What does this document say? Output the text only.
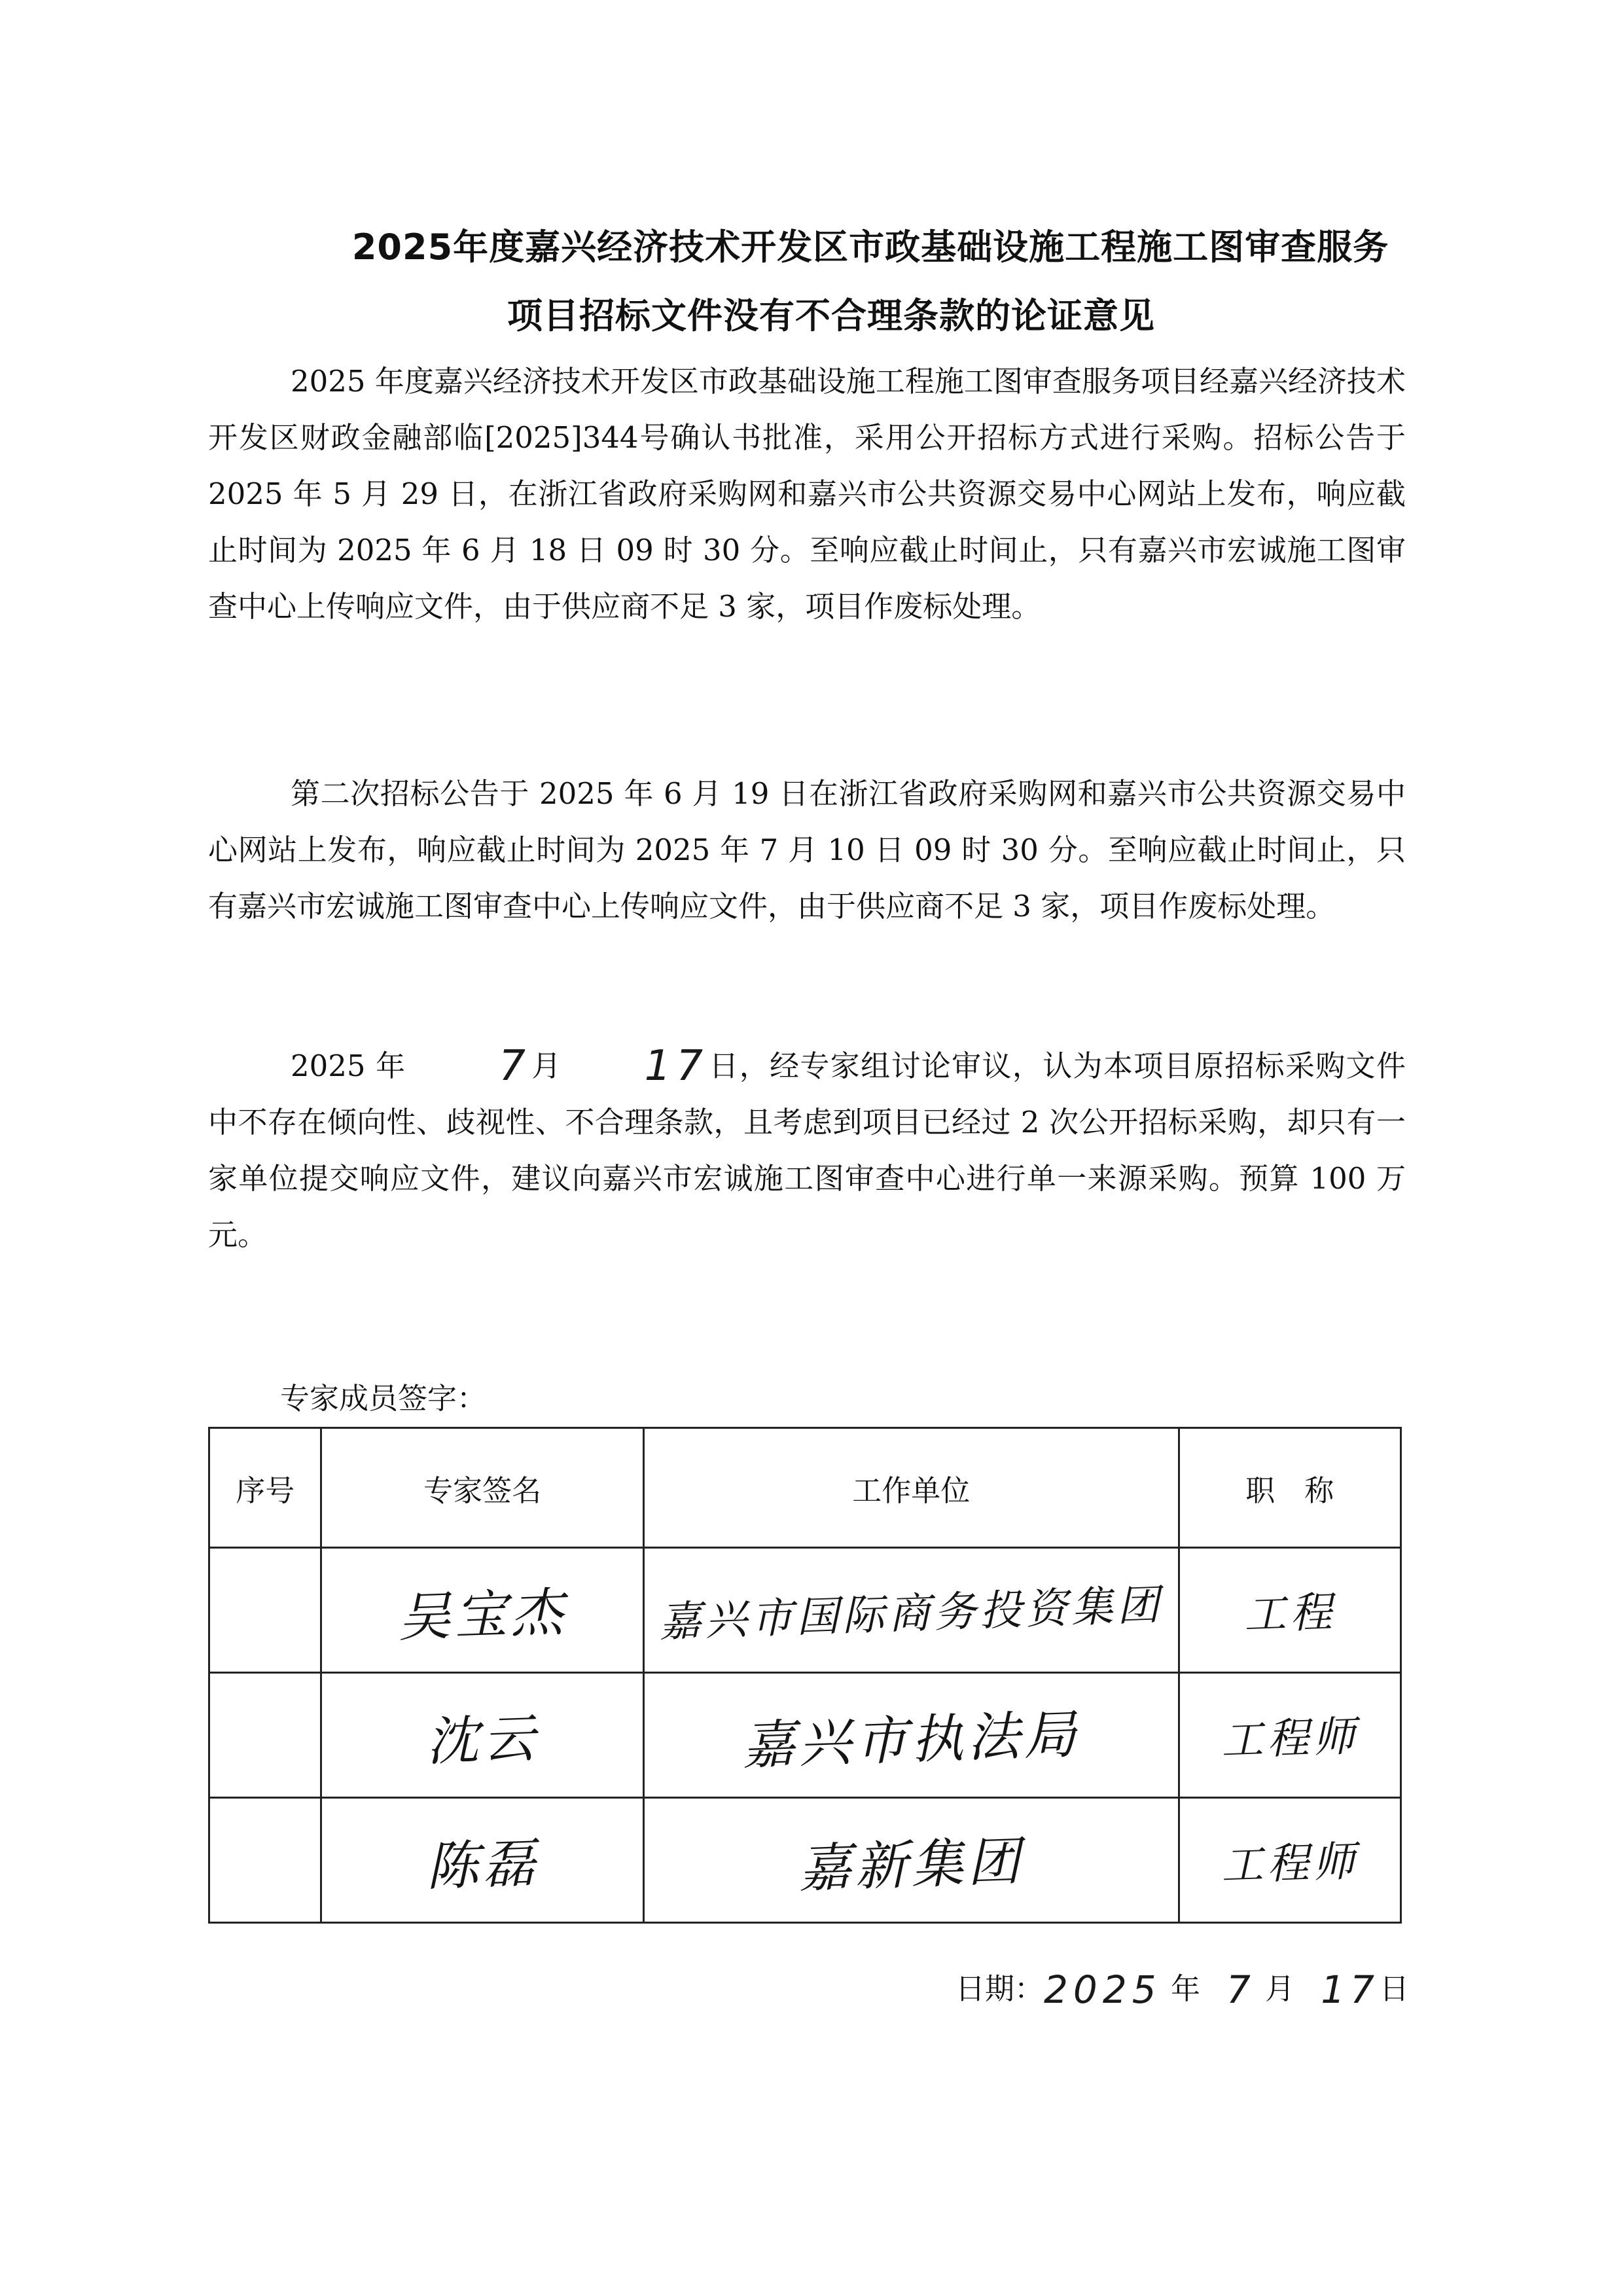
2025年度嘉兴经济技术开发区市政基础设施工程施工图审查服务
项目招标文件没有不合理条款的论证意见

2025 年度嘉兴经济技术开发区市政基础设施工程施工图审查服务项目经嘉兴经济技术开发区财政金融部临[2025]344号确认书批准，采用公开招标方式进行采购。招标公告于 2025 年 5 月 29 日，在浙江省政府采购网和嘉兴市公共资源交易中心网站上发布，响应截止时间为 2025 年 6 月 18 日 09 时 30 分。至响应截止时间止，只有嘉兴市宏诚施工图审查中心上传响应文件，由于供应商不足 3 家，项目作废标处理。

第二次招标公告于 2025 年 6 月 19 日在浙江省政府采购网和嘉兴市公共资源交易中心网站上发布，响应截止时间为 2025 年 7 月 10 日 09 时 30 分。至响应截止时间止，只有嘉兴市宏诚施工图审查中心上传响应文件，由于供应商不足 3 家，项目作废标处理。

2025 年 7月 17日，经专家组讨论审议，认为本项目原招标采购文件中不存在倾向性、歧视性、不合理条款，且考虑到项目已经过 2 次公开招标采购，却只有一家单位提交响应文件，建议向嘉兴市宏诚施工图审查中心进行单一来源采购。预算 100 万元。

专家成员签字：
序号	专家签名	工作单位	职　称
	吴宝杰	嘉兴市国际商务投资集团	工程
	沈云	嘉兴市执法局	工程师
	陈磊	嘉新集团	工程师
日期：2025 年 7 月 17日
